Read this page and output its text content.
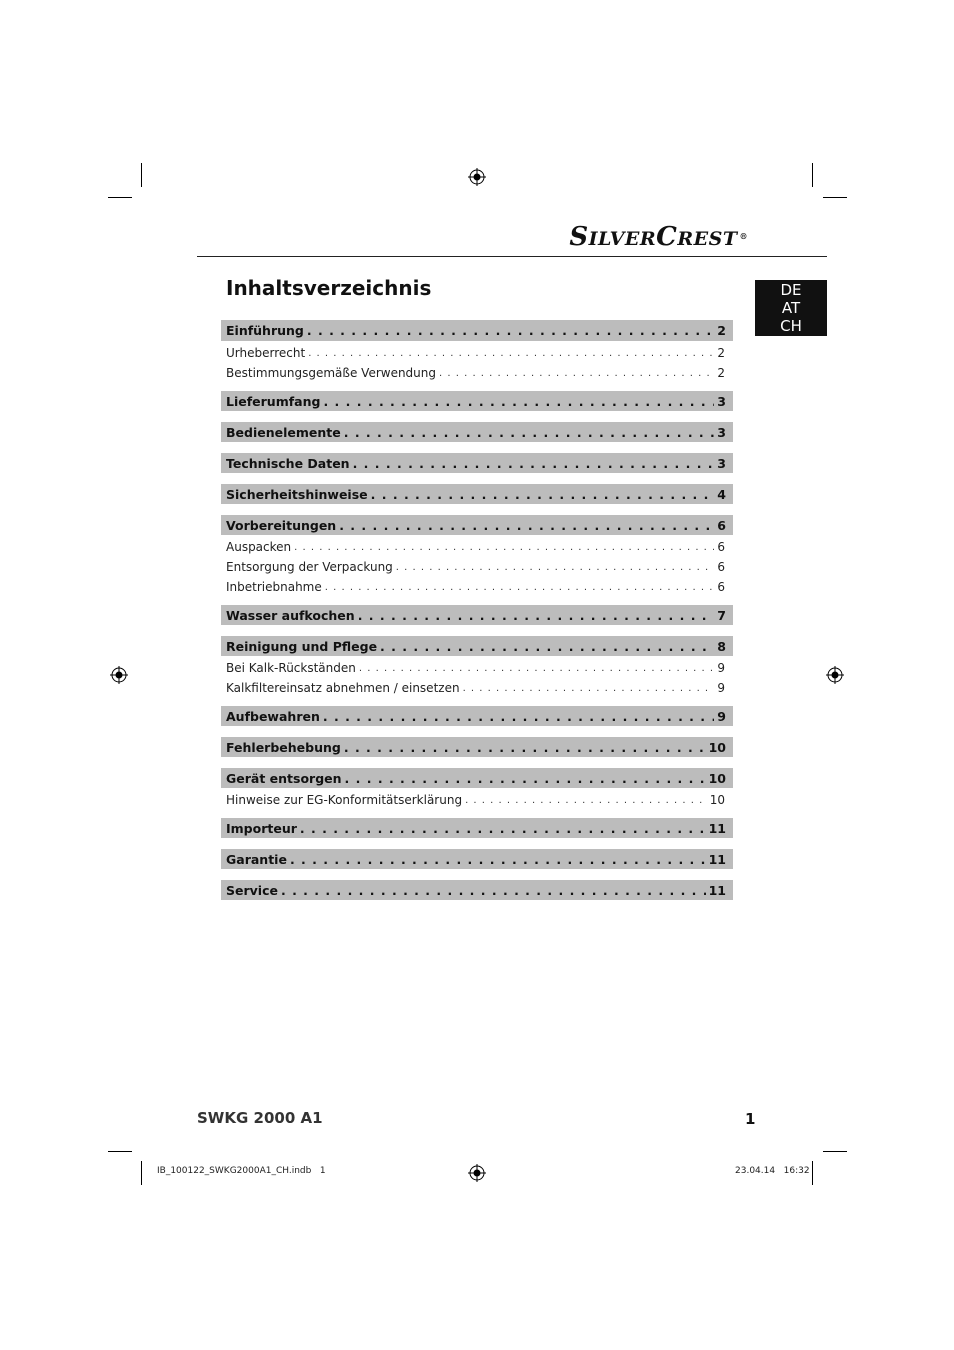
SILVERCREST ®
Inhaltsverzeichnis	DE
AT
CH
Einführung . . .	2
Urheberrecht . . .	2
Bestimmungsgemäße Verwendung . . .	2
Lieferumfang . . .	3
Bedienelemente . . .	3
Technische Daten . . .	3
Sicherheitshinweise . . .	4
Vorbereitungen . . .	6
Auspacken . . .	6
Entsorgung der Verpackung . . .	6
Inbetriebnahme . . .	6
Wasser aufkochen . . .	7
Reinigung und Pflege . . .	8
Bei Kalk-Rückständen . . .	9
Kalkfiltereinsatz abnehmen / einsetzen . . .	9
Aufbewahren . . .	9
Fehlerbehebung . . .	10
Gerät entsorgen . . .	10
Hinweise zur EG-Konformitätserklärung . . .	10
Importeur . . .	11
Garantie . . .	11
Service . . .	11
SWKG 2000 A1	1
IB_100122_SWKG2000A1_CH.indb   1	23.04.14   16:32
